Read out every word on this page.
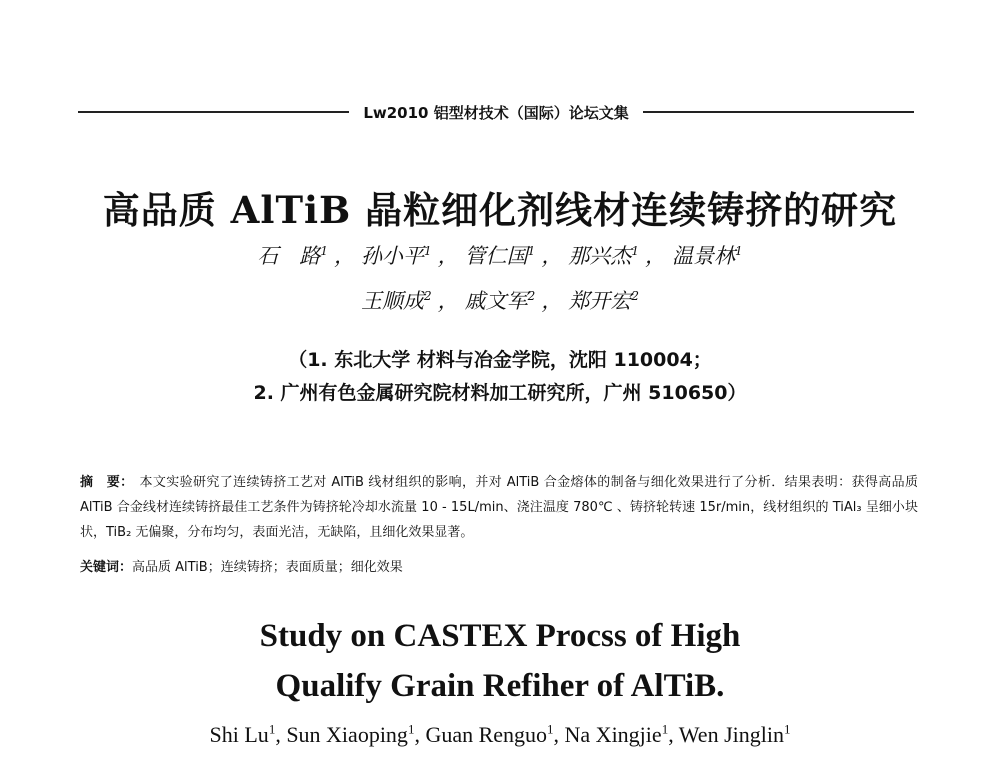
Lw2010 铝型材技术（国际）论坛文集
高品质 AlTiB 晶粒细化剂线材连续铸挤的研究
石　路$^1$ ， 孙小平$^1$ ， 管仁国$^1$ ， 那兴杰$^1$ ， 温景林$^1$
王顺成$^2$ ， 戚文军$^2$ ， 郑开宏$^2$
（1. 东北大学 材料与冶金学院，沈阳 110004；
2. 广州有色金属研究院材料加工研究所，广州 510650）
摘　要： 本文实验研究了连续铸挤工艺对 AlTiB 线材组织的影响，并对 AlTiB 合金熔体的制备与细化效果进行了分析．结果表明：获得高品质 AlTiB 合金线材连续铸挤最佳工艺条件为铸挤轮冷却水流量 10 - 15L/min、浇注温度 780℃ 、铸挤轮转速 15r/min，线材组织的 TiAl₃ 呈细小块状，TiB₂ 无偏聚，分布均匀，表面光洁，无缺陷，且细化效果显著。
关键词：高品质 AlTiB；连续铸挤；表面质量；细化效果
Study on CASTEX Procss of High
Qualify Grain Refiher of AlTiB.
Shi Lu$^1$, Sun Xiaoping$^1$, Guan Renguo$^1$, Na Xingjie$^1$, Wen Jinglin$^1$
